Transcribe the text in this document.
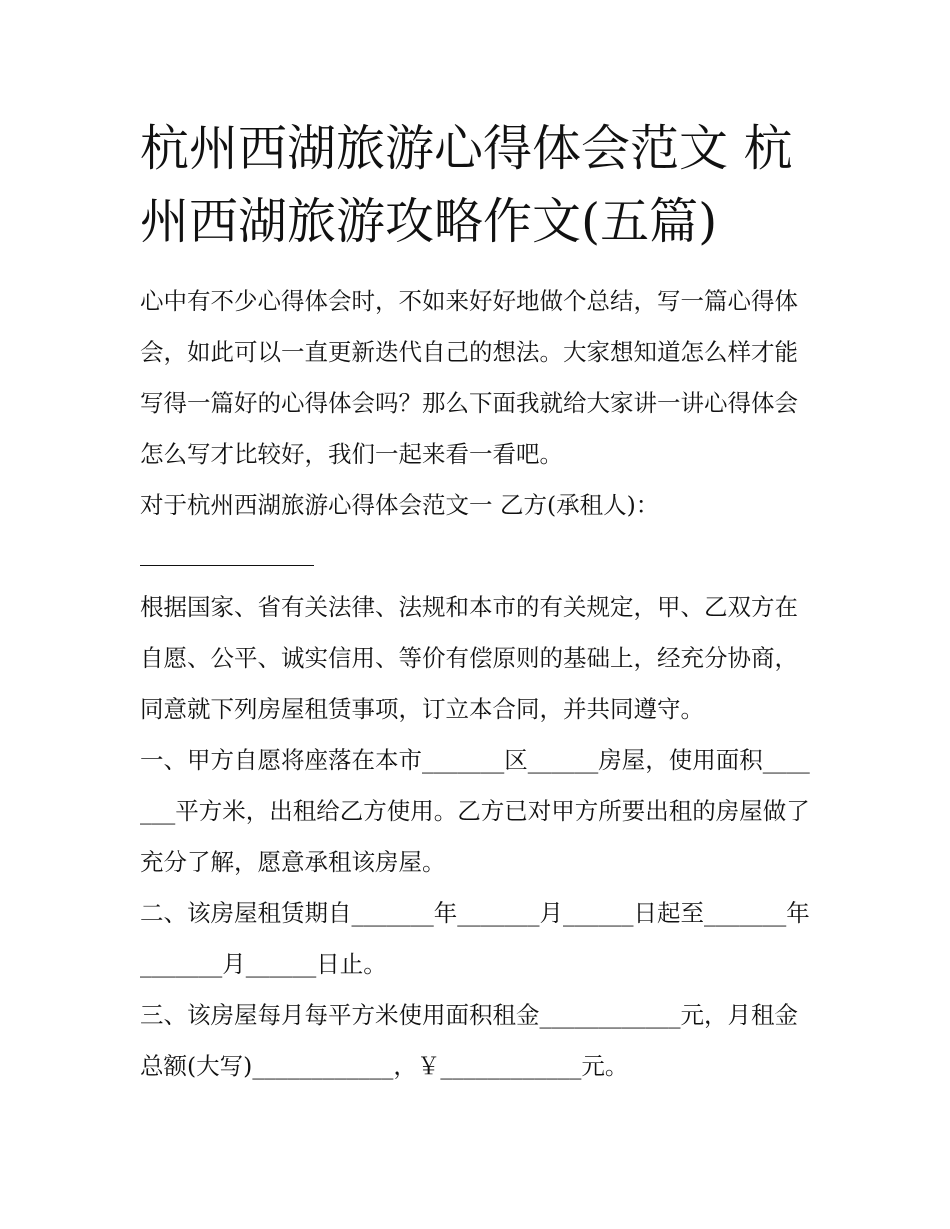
杭州西湖旅游心得体会范文 杭州西湖旅游攻略作文(五篇)

心中有不少心得体会时，不如来好好地做个总结，写一篇心得体会，如此可以一直更新迭代自己的想法。大家想知道怎么样才能写得一篇好的心得体会吗？那么下面我就给大家讲一讲心得体会怎么写才比较好，我们一起来看一看吧。

对于杭州西湖旅游心得体会范文一 乙方(承租人)：

根据国家、省有关法律、法规和本市的有关规定，甲、乙双方在自愿、公平、诚实信用、等价有偿原则的基础上，经充分协商，同意就下列房屋租赁事项，订立本合同，并共同遵守。

一、甲方自愿将座落在本市_______区______房屋，使用面积_______平方米，出租给乙方使用。乙方已对甲方所要出租的房屋做了充分了解，愿意承租该房屋。

二、该房屋租赁期自_______年_______月______日起至_______年_______月______日止。

三、该房屋每月每平方米使用面积租金____________元，月租金总额(大写)____________，￥____________元。
